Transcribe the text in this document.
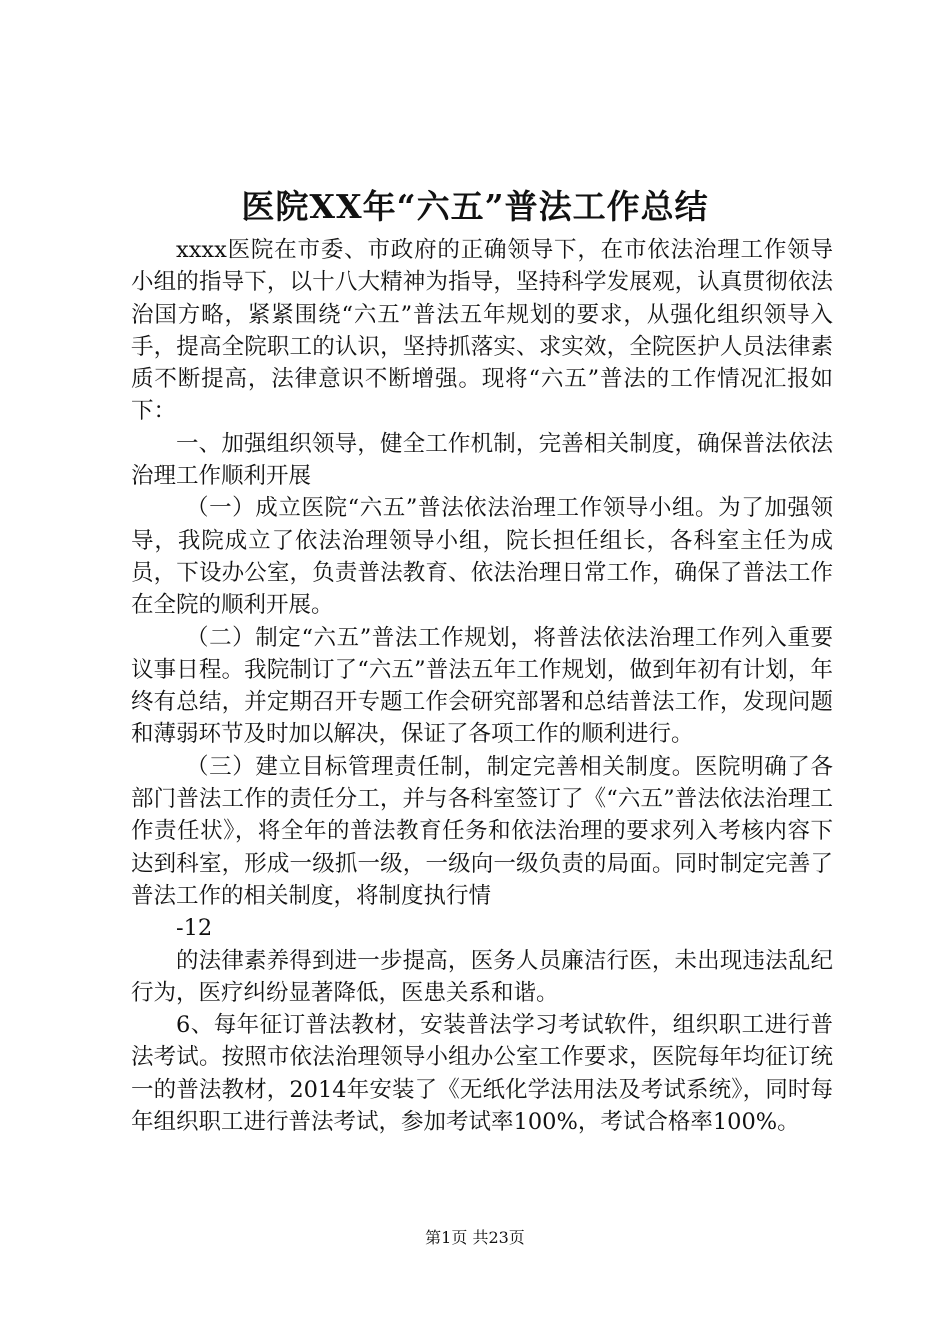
医院XX年“六五”普法工作总结

xxxx医院在市委、市政府的正确领导下，在市依法治理工作领导小组的指导下，以十八大精神为指导，坚持科学发展观，认真贯彻依法治国方略，紧紧围绕“六五”普法五年规划的要求，从强化组织领导入手，提高全院职工的认识，坚持抓落实、求实效，全院医护人员法律素质不断提高，法律意识不断增强。现将“六五”普法的工作情况汇报如下：

一、加强组织领导，健全工作机制，完善相关制度，确保普法依法治理工作顺利开展

（一）成立医院“六五”普法依法治理工作领导小组。为了加强领导，我院成立了依法治理领导小组，院长担任组长，各科室主任为成员，下设办公室，负责普法教育、依法治理日常工作，确保了普法工作在全院的顺利开展。

（二）制定“六五”普法工作规划，将普法依法治理工作列入重要议事日程。我院制订了“六五”普法五年工作规划，做到年初有计划，年终有总结，并定期召开专题工作会研究部署和总结普法工作，发现问题和薄弱环节及时加以解决，保证了各项工作的顺利进行。

（三）建立目标管理责任制，制定完善相关制度。医院明确了各部门普法工作的责任分工，并与各科室签订了《“六五”普法依法治理工作责任状》，将全年的普法教育任务和依法治理的要求列入考核内容下达到科室，形成一级抓一级，一级向一级负责的局面。同时制定完善了普法工作的相关制度，将制度执行情

-12

的法律素养得到进一步提高，医务人员廉洁行医，未出现违法乱纪行为，医疗纠纷显著降低，医患关系和谐。

6、每年征订普法教材，安装普法学习考试软件，组织职工进行普法考试。按照市依法治理领导小组办公室工作要求，医院每年均征订统一的普法教材，2014年安装了《无纸化学法用法及考试系统》，同时每年组织职工进行普法考试，参加考试率100%，考试合格率100%。

第1页 共23页
